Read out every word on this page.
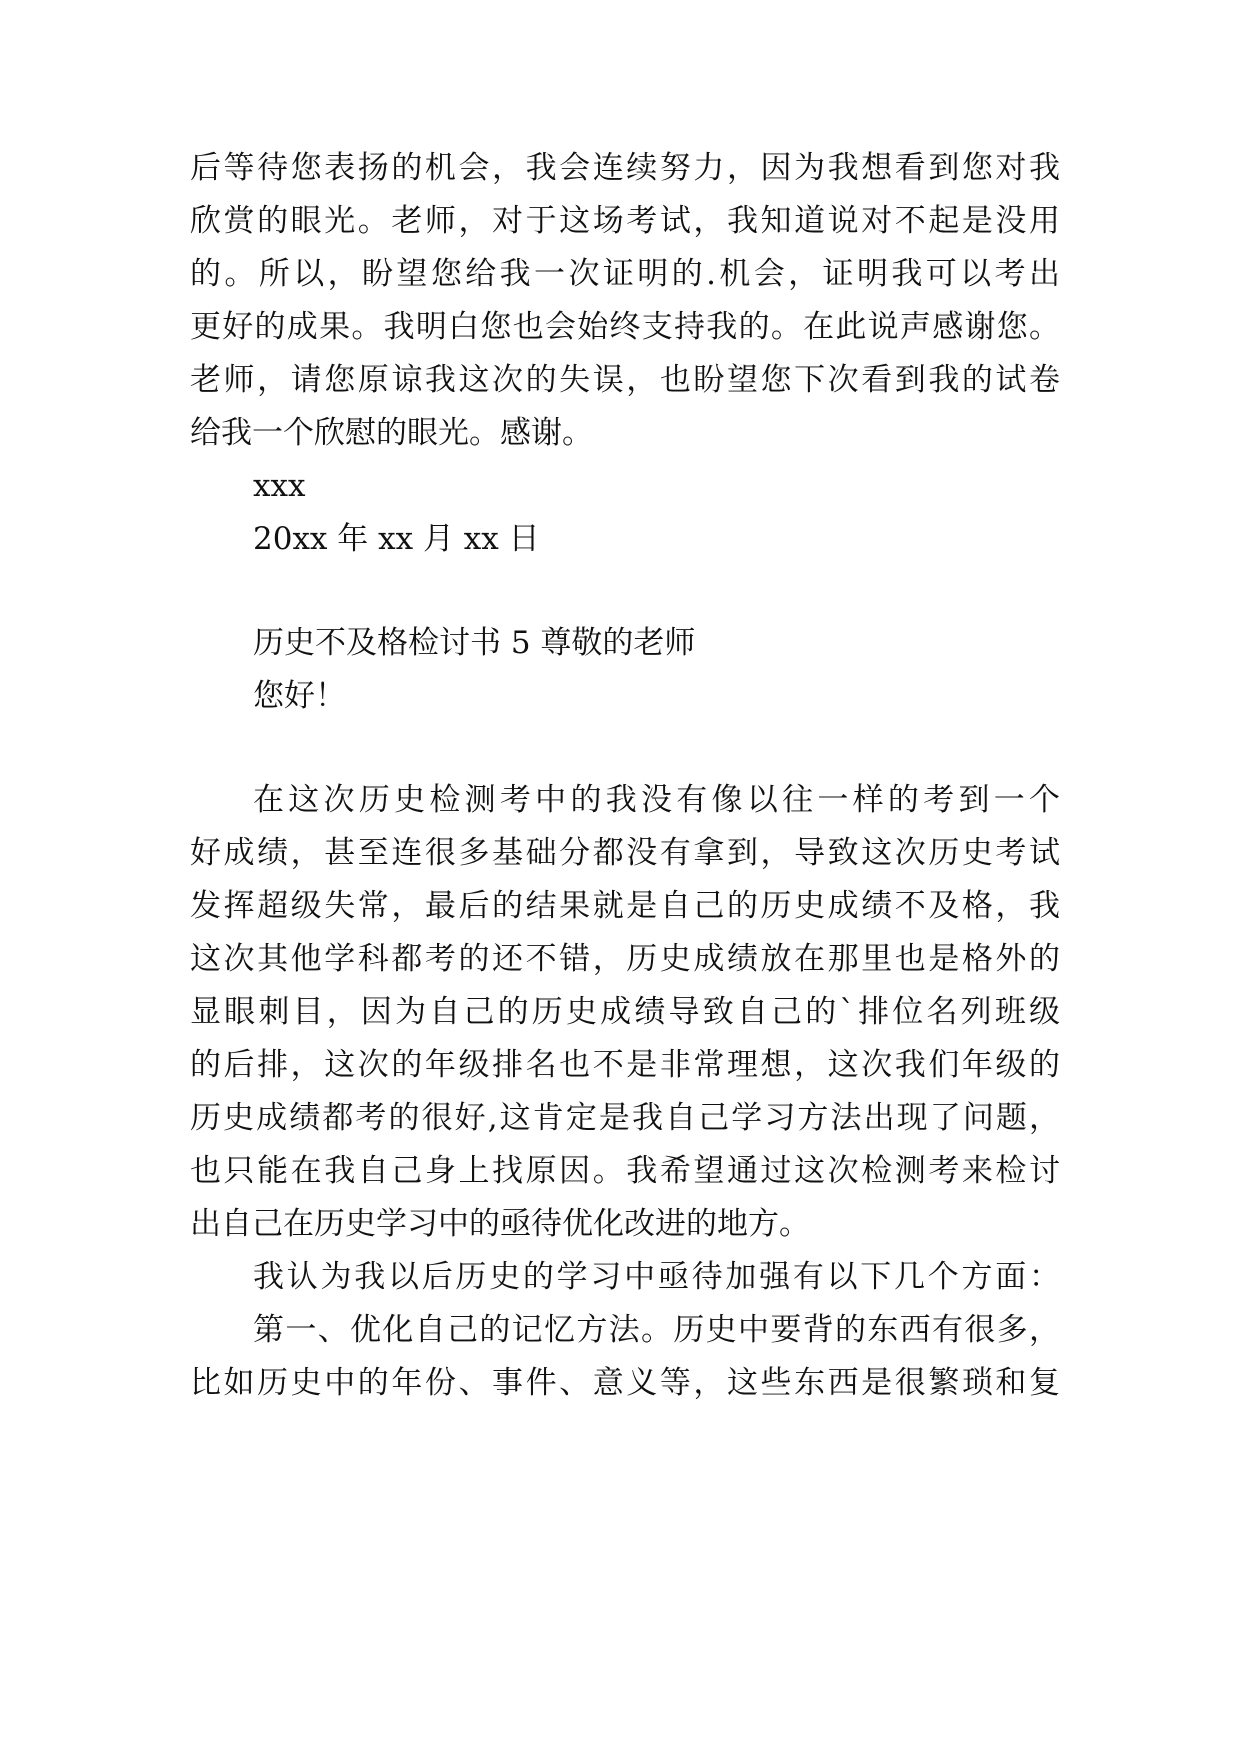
后等待您表扬的机会，我会连续努力，因为我想看到您对我
欣赏的眼光。老师，对于这场考试，我知道说对不起是没用
的。所以，盼望您给我一次证明的.机会，证明我可以考出
更好的成果。我明白您也会始终支持我的。在此说声感谢您。
老师，请您原谅我这次的失误，也盼望您下次看到我的试卷
给我一个欣慰的眼光。感谢。
xxx
20xx 年 xx 月 xx 日
历史不及格检讨书 5 尊敬的老师
您好！
在这次历史检测考中的我没有像以往一样的考到一个
好成绩，甚至连很多基础分都没有拿到，导致这次历史考试
发挥超级失常，最后的结果就是自己的历史成绩不及格，我
这次其他学科都考的还不错，历史成绩放在那里也是格外的
显眼刺目，因为自己的历史成绩导致自己的`排位名列班级
的后排，这次的年级排名也不是非常理想，这次我们年级的
历史成绩都考的很好,这肯定是我自己学习方法出现了问题，
也只能在我自己身上找原因。我希望通过这次检测考来检讨
出自己在历史学习中的亟待优化改进的地方。
我认为我以后历史的学习中亟待加强有以下几个方面：
第一、优化自己的记忆方法。历史中要背的东西有很多，
比如历史中的年份、事件、意义等，这些东西是很繁琐和复
